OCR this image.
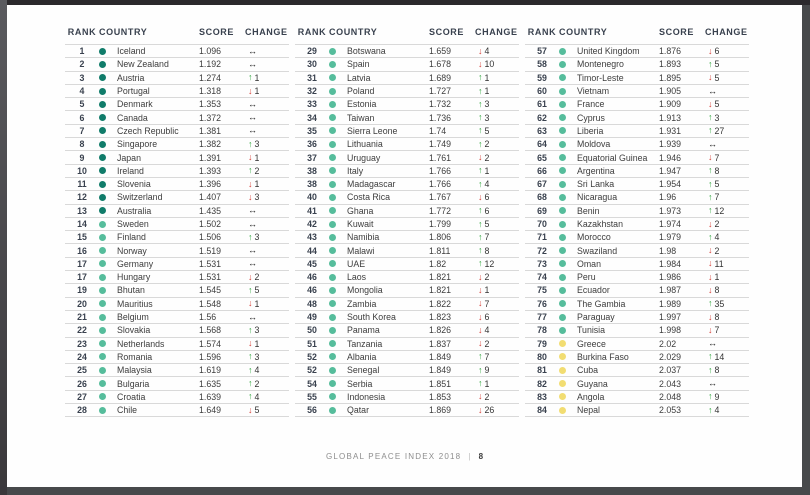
RANK COUNTRY	SCORE	CHANGE
1	Iceland	1.096	↔
2	New Zealand	1.192	↔
3	Austria	1.274	↑ 1
4	Portugal	1.318	↓ 1
5	Denmark	1.353	↔
6	Canada	1.372	↔
7	Czech Republic	1.381	↔
8	Singapore	1.382	↑ 3
9	Japan	1.391	↓ 1
10	Ireland	1.393	↑ 2
11	Slovenia	1.396	↓ 1
12	Switzerland	1.407	↓ 3
13	Australia	1.435	↔
14	Sweden	1.502	↔
15	Finland	1.506	↑ 3
16	Norway	1.519	↔
17	Germany	1.531	↔
17	Hungary	1.531	↓ 2
19	Bhutan	1.545	↑ 5
20	Mauritius	1.548	↓ 1
21	Belgium	1.56	↔
22	Slovakia	1.568	↑ 3
23	Netherlands	1.574	↓ 1
24	Romania	1.596	↑ 3
25	Malaysia	1.619	↑ 4
26	Bulgaria	1.635	↑ 2
27	Croatia	1.639	↑ 4
28	Chile	1.649	↓ 5
RANK COUNTRY	SCORE	CHANGE
29	Botswana	1.659	↓ 4
30	Spain	1.678	↓ 10
31	Latvia	1.689	↑ 1
32	Poland	1.727	↑ 1
33	Estonia	1.732	↑ 3
34	Taiwan	1.736	↑ 3
35	Sierra Leone	1.74	↑ 5
36	Lithuania	1.749	↑ 2
37	Uruguay	1.761	↓ 2
38	Italy	1.766	↑ 1
38	Madagascar	1.766	↑ 4
40	Costa Rica	1.767	↓ 6
41	Ghana	1.772	↑ 6
42	Kuwait	1.799	↑ 5
43	Namibia	1.806	↑ 7
44	Malawi	1.811	↑ 8
45	UAE	1.82	↑ 12
46	Laos	1.821	↓ 2
46	Mongolia	1.821	↓ 1
48	Zambia	1.822	↓ 7
49	South Korea	1.823	↓ 6
50	Panama	1.826	↓ 4
51	Tanzania	1.837	↓ 2
52	Albania	1.849	↑ 7
52	Senegal	1.849	↑ 9
54	Serbia	1.851	↑ 1
55	Indonesia	1.853	↓ 2
56	Qatar	1.869	↓ 26
RANK COUNTRY	SCORE	CHANGE
57	United Kingdom	1.876	↓ 6
58	Montenegro	1.893	↑ 5
59	Timor-Leste	1.895	↓ 5
60	Vietnam	1.905	↔
61	France	1.909	↓ 5
62	Cyprus	1.913	↑ 3
63	Liberia	1.931	↑ 27
64	Moldova	1.939	↔
65	Equatorial Guinea	1.946	↓ 7
66	Argentina	1.947	↑ 8
67	Sri Lanka	1.954	↑ 5
68	Nicaragua	1.96	↑ 7
69	Benin	1.973	↑ 12
70	Kazakhstan	1.974	↓ 2
71	Morocco	1.979	↑ 4
72	Swaziland	1.98	↓ 2
73	Oman	1.984	↓ 11
74	Peru	1.986	↓ 1
75	Ecuador	1.987	↓ 8
76	The Gambia	1.989	↑ 35
77	Paraguay	1.997	↓ 8
78	Tunisia	1.998	↓ 7
79	Greece	2.02	↔
80	Burkina Faso	2.029	↑ 14
81	Cuba	2.037	↑ 8
82	Guyana	2.043	↔
83	Angola	2.048	↑ 9
84	Nepal	2.053	↑ 4
GLOBAL PEACE INDEX 2018 | 8
